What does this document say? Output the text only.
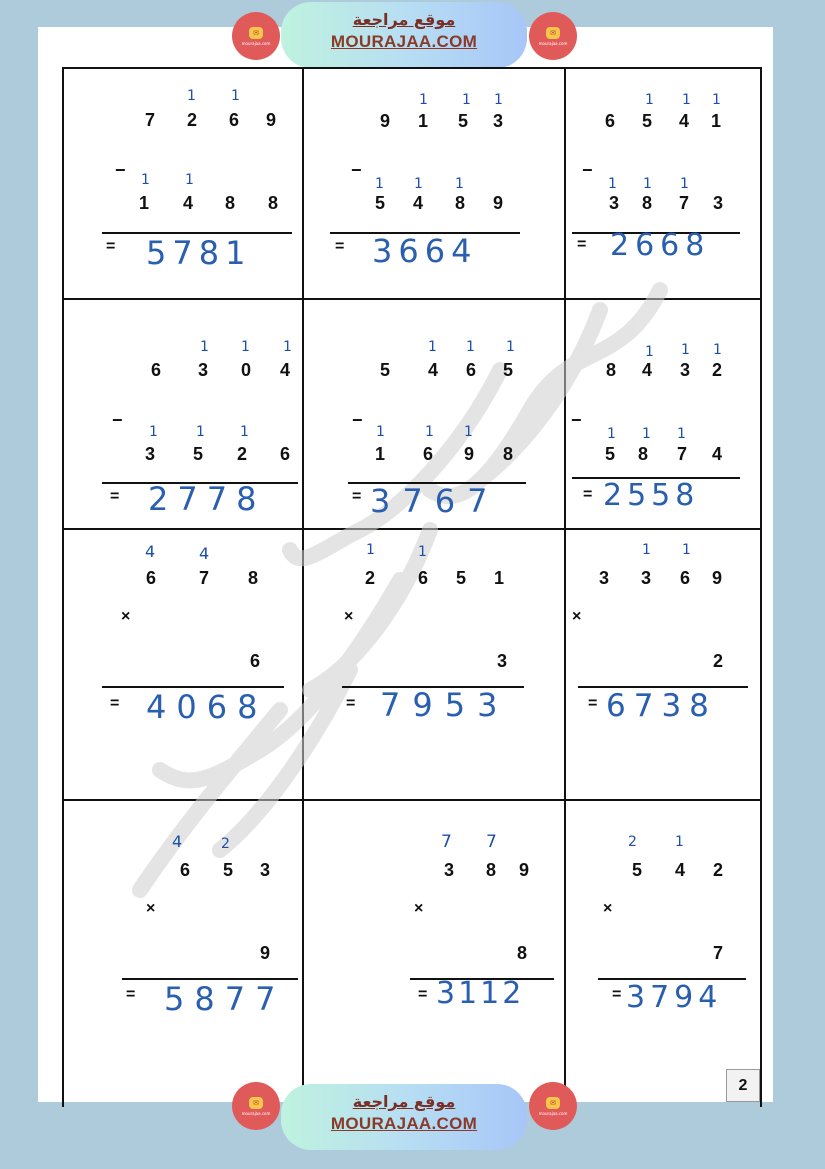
✉
mourajaa.com
موقع مراجعة
MOURAJAA.COM	✉
mourajaa.com
1	1
7 2 6 9
− 1	1
1 4 8 8
= 5781
1 1 1
9 1 5 3
−
1 1 1
5 4 8 9
= 3664
1 1 1
6 5 4 1
−
1 1 1
3 8 7 3
= 2668
1 1 1
6 3 0 4
−
1	1	1
3 5 2 6
= 2778
1 1 1
5 4 6 5
−
1	1 1
1 6 9 8
= 3767
1 1 1
8 4 3 2
−
1 1 1
5 8 7 4
= 2558
4	4
6 7 8
×
6
= 4068
1	1
2 6 5 1
×
3
= 7953
1 1
3 3 6 9
×
2
= 6738
4	2
6 5 3
×
9
= 5877
7 7
3 8 9
×
8
= 3112
2	1
5 4 2
×
7
= 3794
2
✉
mourajaa.com
موقع مراجعة
MOURAJAA.COM
✉
mourajaa.com
